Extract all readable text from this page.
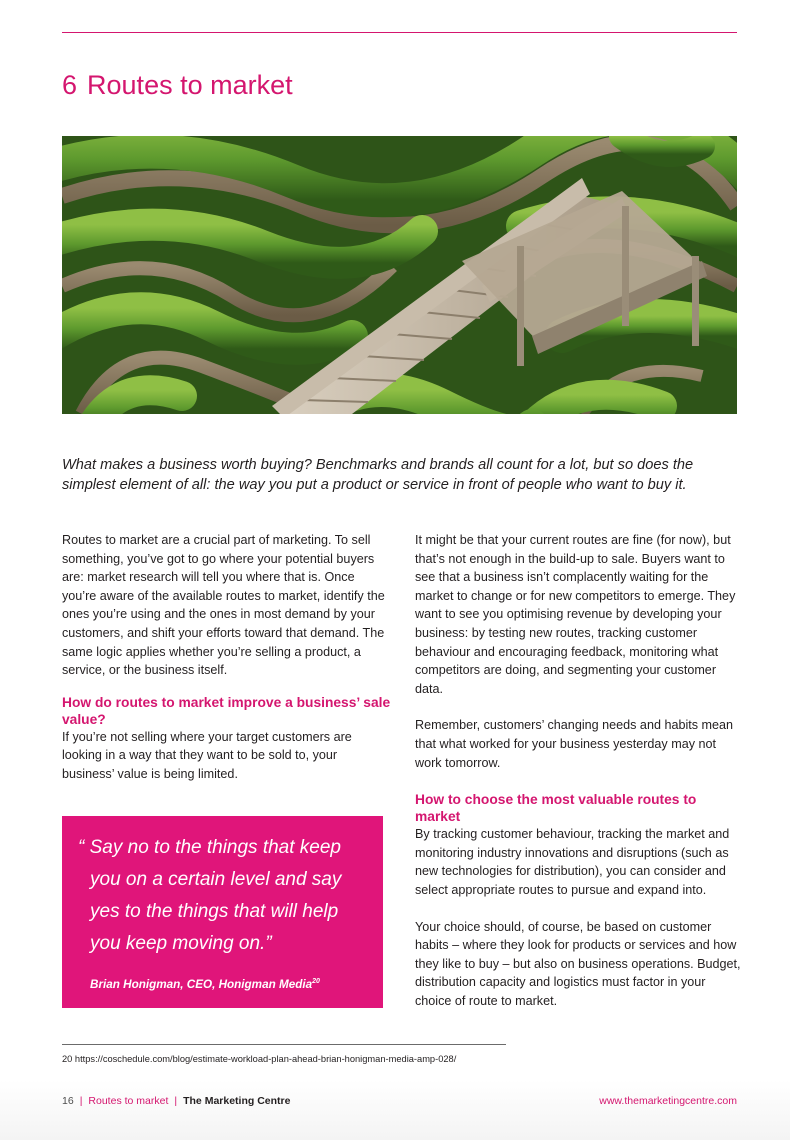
6 Routes to market

What makes a business worth buying? Benchmarks and brands all count for a lot, but so does the simplest element of all: the way you put a product or service in front of people who want to buy it.

Routes to market are a crucial part of marketing. To sell something, you’ve got to go where your potential buyers are: market research will tell you where that is. Once you’re aware of the available routes to market, identify the ones you’re using and the ones in most demand by your customers, and shift your efforts toward that demand. The same logic applies whether you’re selling a product, a service, or the business itself.

How do routes to market improve a business’ sale value?

If you’re not selling where your target customers are looking in a way that they want to be sold to, your business’ value is being limited.

“ Say no to the things that keep you on a certain level and say yes to the things that will help you keep moving on.”

Brian Honigman, CEO, Honigman Media$^{20}$

It might be that your current routes are fine (for now), but that’s not enough in the build-up to sale. Buyers want to see that a business isn’t complacently waiting for the market to change or for new competitors to emerge. They want to see you optimising revenue by developing your business: by testing new routes, tracking customer behaviour and encouraging feedback, monitoring what competitors are doing, and segmenting your customer data.

Remember, customers’ changing needs and habits mean that what worked for your business yesterday may not work tomorrow.

How to choose the most valuable routes to market

By tracking customer behaviour, tracking the market and monitoring industry innovations and disruptions (such as new technologies for distribution), you can consider and select appropriate routes to pursue and expand into.

Your choice should, of course, be based on customer habits – where they look for products or services and how they like to buy – but also on business operations. Budget, distribution capacity and logistics must factor in your choice of route to market.

20 https://coschedule.com/blog/estimate-workload-plan-ahead-brian-honigman-media-amp-028/
16 | Routes to market | The Marketing Centre	www.themarketingcentre.com
